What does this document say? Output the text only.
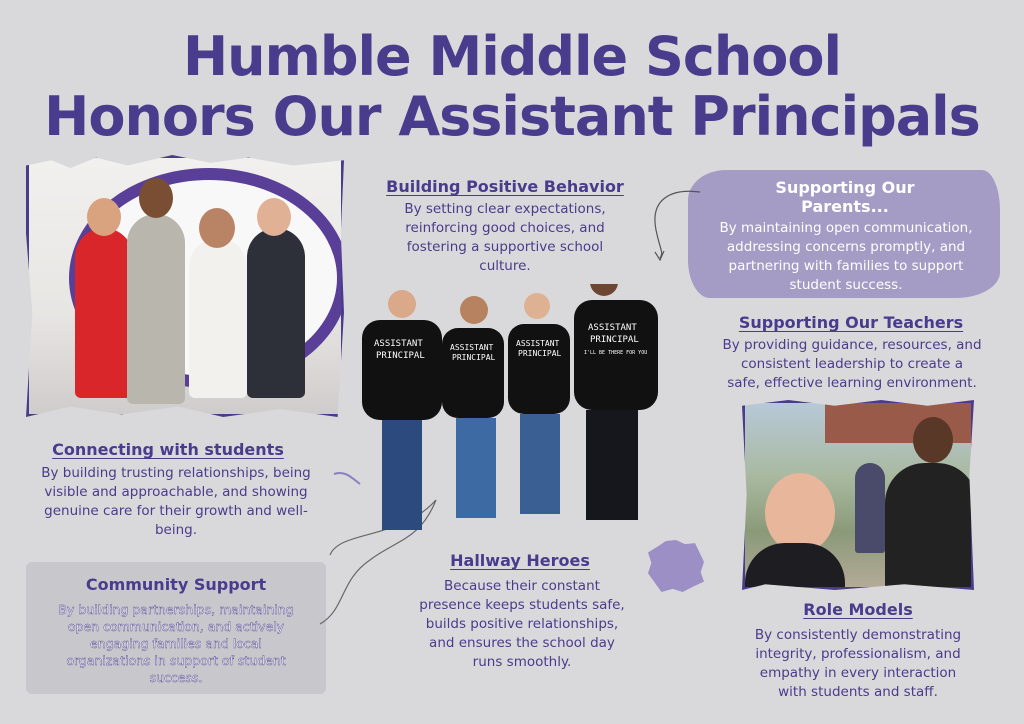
Humble Middle School
Honors Our Assistant Principals
ASSISTANT
PRINCIPAL
ASSISTANT
PRINCIPAL
ASSISTANT
PRINCIPAL
ASSISTANT
PRINCIPAL
I'LL BE THERE FOR YOU
Building Positive Behavior
By setting clear expectations,
reinforcing good choices, and
fostering a supportive school
culture.
Supporting Our
Parents...
By maintaining open communication,
addressing concerns promptly, and
partnering with families to support
student success.
Supporting Our Teachers
By providing guidance, resources, and
consistent leadership to create a
safe, effective learning environment.
Connecting with students
By building trusting relationships, being
visible and approachable, and showing
genuine care for their growth and well-
being.
Community Support
By building partnerships, maintaining
open communication, and actively
engaging families and local
organizations in support of student
success.
Hallway Heroes
Because their constant
presence keeps students safe,
builds positive relationships,
and ensures the school day
runs smoothly.
Role Models
By consistently demonstrating
integrity, professionalism, and
empathy in every interaction
with students and staff.
